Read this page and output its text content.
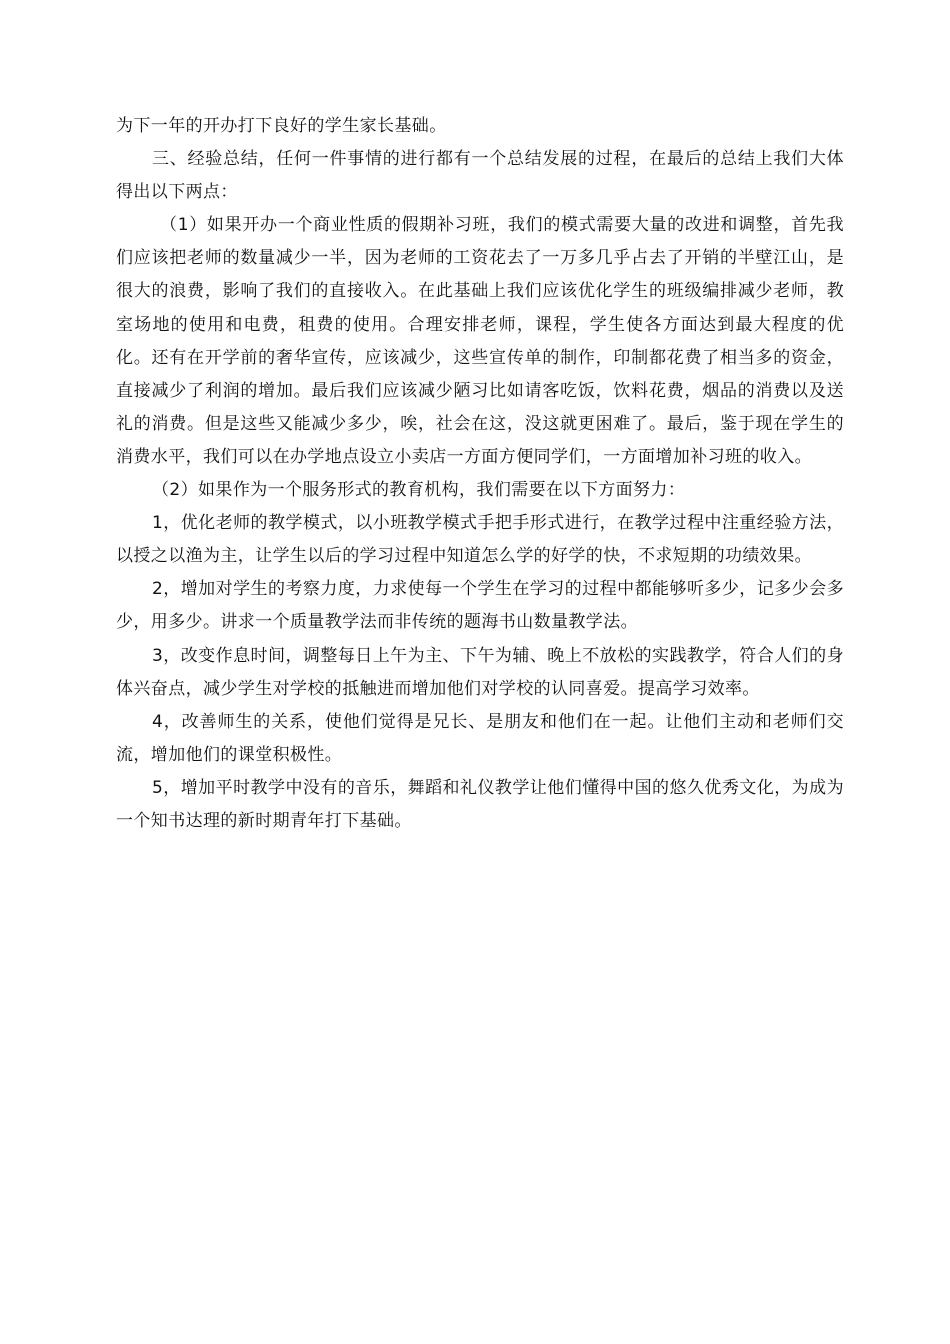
为下一年的开办打下良好的学生家长基础。

三、经验总结，任何一件事情的进行都有一个总结发展的过程，在最后的总结上我们大体得出以下两点：

（1）如果开办一个商业性质的假期补习班，我们的模式需要大量的改进和调整，首先我们应该把老师的数量减少一半，因为老师的工资花去了一万多几乎占去了开销的半壁江山，是很大的浪费，影响了我们的直接收入。在此基础上我们应该优化学生的班级编排减少老师，教室场地的使用和电费，租费的使用。合理安排老师，课程，学生使各方面达到最大程度的优化。还有在开学前的奢华宣传，应该减少，这些宣传单的制作，印制都花费了相当多的资金，直接减少了利润的增加。最后我们应该减少陋习比如请客吃饭，饮料花费，烟品的消费以及送礼的消费。但是这些又能减少多少，唉，社会在这，没这就更困难了。最后，鉴于现在学生的消费水平，我们可以在办学地点设立小卖店一方面方便同学们，一方面增加补习班的收入。

（2）如果作为一个服务形式的教育机构，我们需要在以下方面努力：

1，优化老师的教学模式，以小班教学模式手把手形式进行，在教学过程中注重经验方法，以授之以渔为主，让学生以后的学习过程中知道怎么学的好学的快，不求短期的功绩效果。

2，增加对学生的考察力度，力求使每一个学生在学习的过程中都能够听多少，记多少会多少，用多少。讲求一个质量教学法而非传统的题海书山数量教学法。

3，改变作息时间，调整每日上午为主、下午为辅、晚上不放松的实践教学，符合人们的身体兴奋点，减少学生对学校的抵触进而增加他们对学校的认同喜爱。提高学习效率。

4，改善师生的关系，使他们觉得是兄长、是朋友和他们在一起。让他们主动和老师们交流，增加他们的课堂积极性。

5，增加平时教学中没有的音乐，舞蹈和礼仪教学让他们懂得中国的悠久优秀文化，为成为一个知书达理的新时期青年打下基础。
